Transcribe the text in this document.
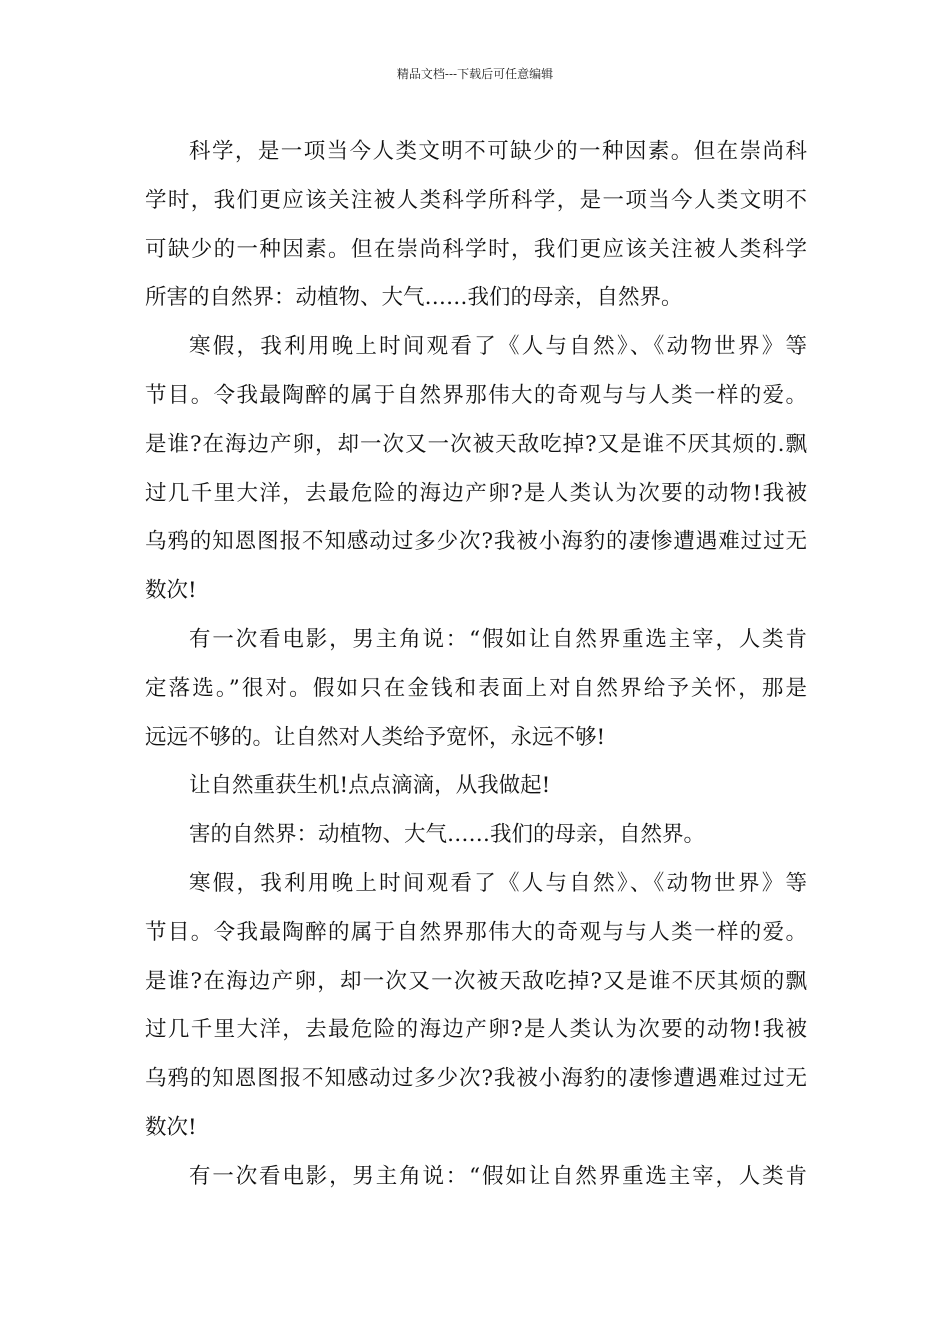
精品文档---下载后可任意编辑
科学，是一项当今人类文明不可缺少的一种因素。但在崇尚科
学时，我们更应该关注被人类科学所科学，是一项当今人类文明不
可缺少的一种因素。但在崇尚科学时，我们更应该关注被人类科学
所害的自然界：动植物、大气……我们的母亲，自然界。
寒假，我利用晚上时间观看了《人与自然》、《动物世界》等
节目。令我最陶醉的属于自然界那伟大的奇观与与人类一样的爱。
是谁?在海边产卵，却一次又一次被天敌吃掉?又是谁不厌其烦的.飘
过几千里大洋，去最危险的海边产卵?是人类认为次要的动物!我被
乌鸦的知恩图报不知感动过多少次?我被小海豹的凄惨遭遇难过过无
数次!
有一次看电影，男主角说：“假如让自然界重选主宰，人类肯
定落选。”很对。假如只在金钱和表面上对自然界给予关怀，那是
远远不够的。让自然对人类给予宽怀，永远不够!
让自然重获生机!点点滴滴，从我做起!
害的自然界：动植物、大气……我们的母亲，自然界。
寒假，我利用晚上时间观看了《人与自然》、《动物世界》等
节目。令我最陶醉的属于自然界那伟大的奇观与与人类一样的爱。
是谁?在海边产卵，却一次又一次被天敌吃掉?又是谁不厌其烦的飘
过几千里大洋，去最危险的海边产卵?是人类认为次要的动物!我被
乌鸦的知恩图报不知感动过多少次?我被小海豹的凄惨遭遇难过过无
数次!
有一次看电影，男主角说：“假如让自然界重选主宰，人类肯
